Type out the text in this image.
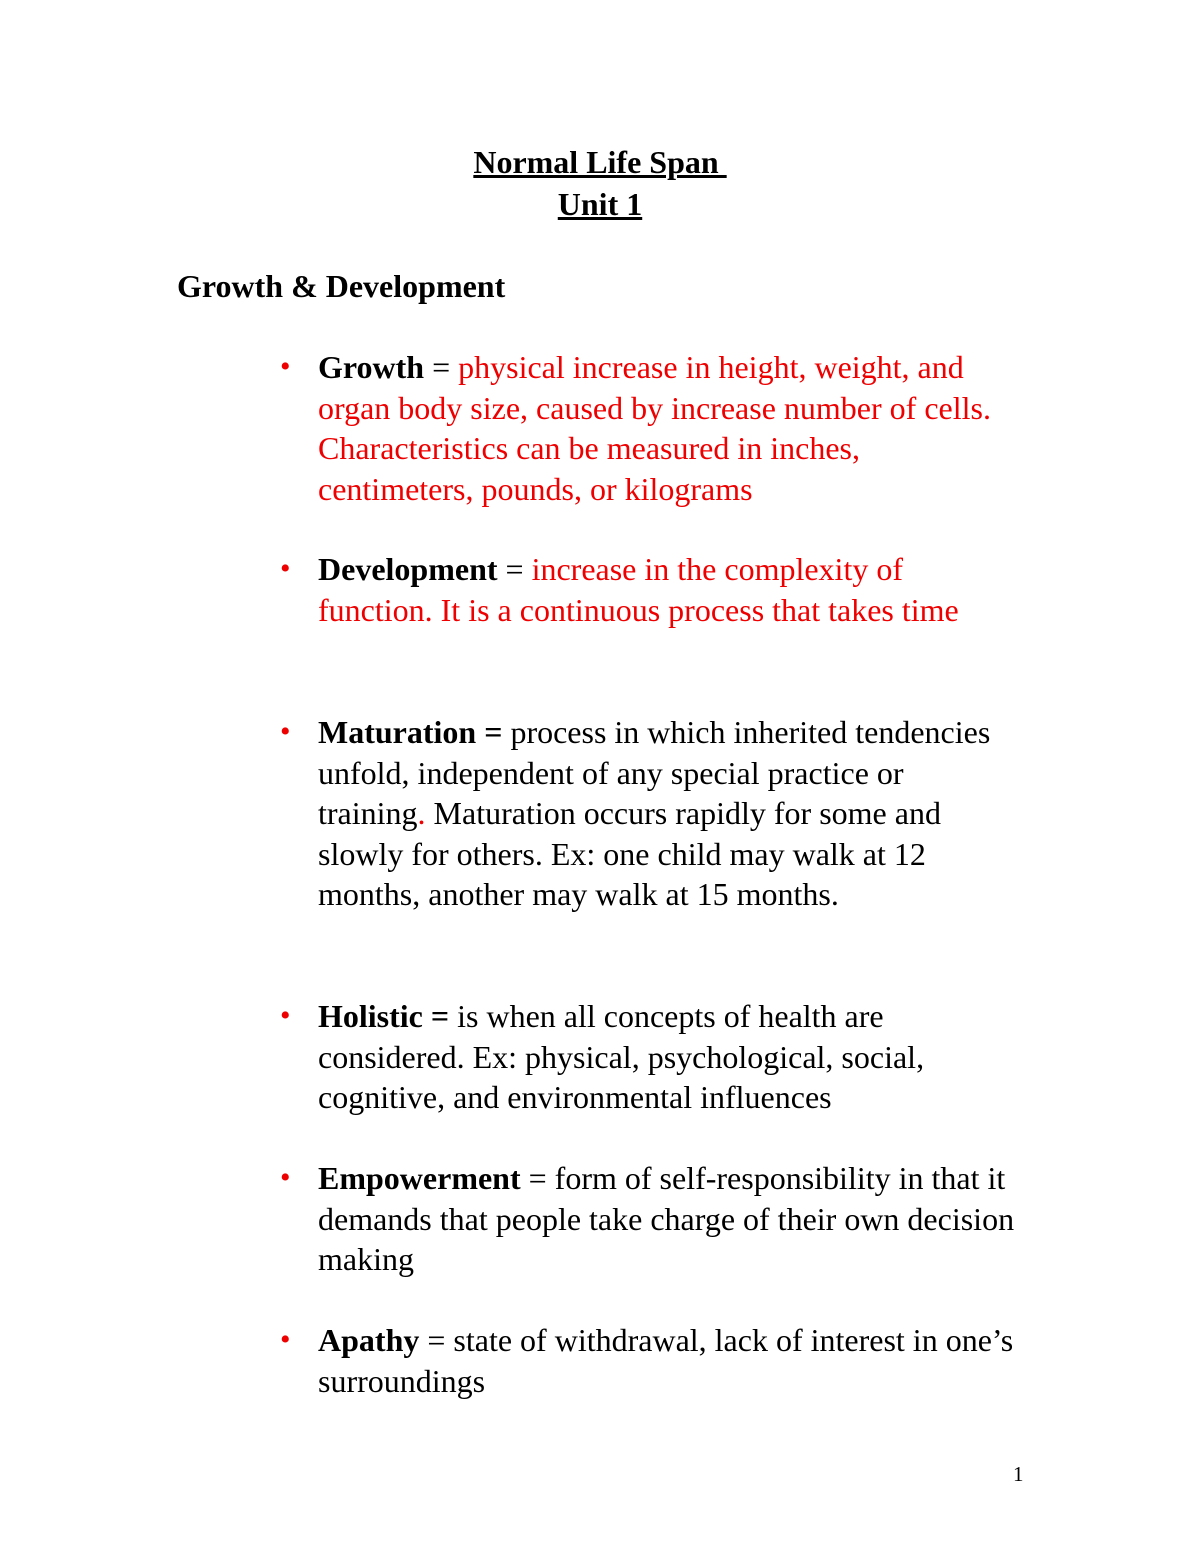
Normal Life Span
Unit 1
Growth & Development
• Growth = physical increase in height, weight, and organ body size, caused by increase number of cells. Characteristics can be measured in inches, centimeters, pounds, or kilograms
• Development = increase in the complexity of function. It is a continuous process that takes time
• Maturation = process in which inherited tendencies unfold, independent of any special practice or training. Maturation occurs rapidly for some and slowly for others. Ex: one child may walk at 12 months, another may walk at 15 months.
• Holistic = is when all concepts of health are considered. Ex: physical, psychological, social, cognitive, and environmental influences
• Empowerment = form of self-responsibility in that it demands that people take charge of their own decision making
• Apathy = state of withdrawal, lack of interest in one’s surroundings
1
